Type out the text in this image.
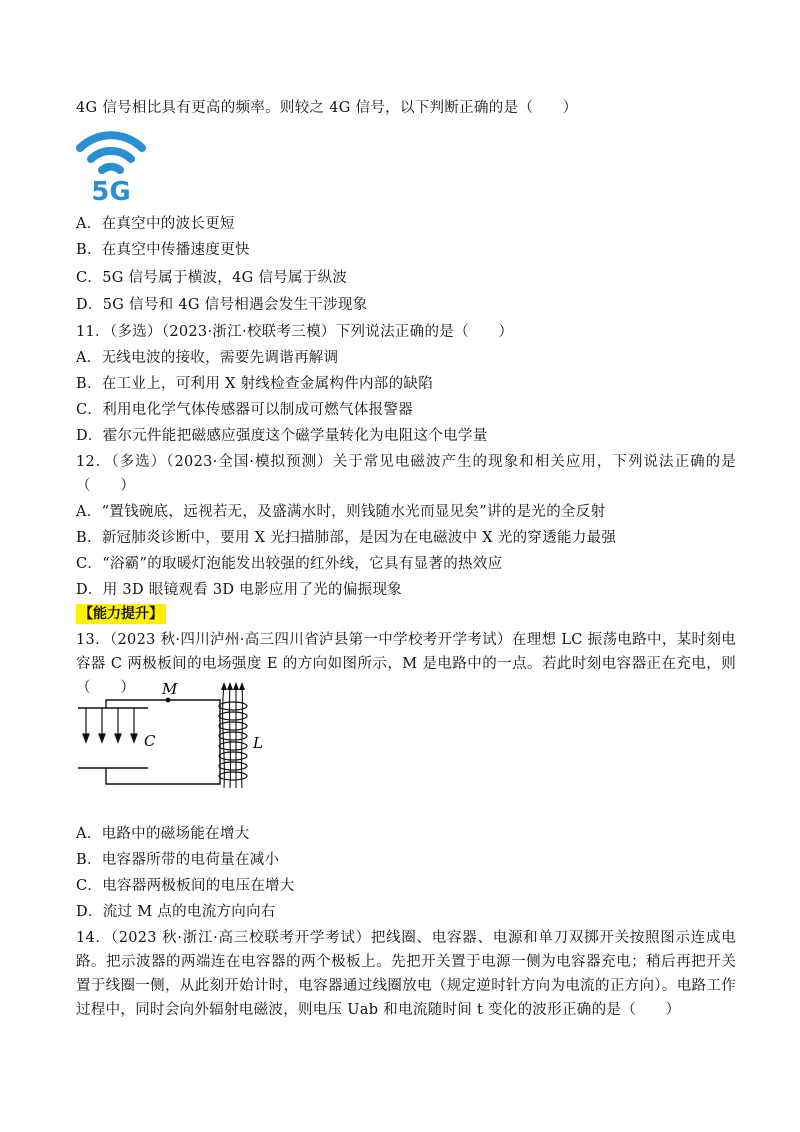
4G 信号相比具有更高的频率。则较之 4G 信号，以下判断正确的是（　　）
5G
A．在真空中的波长更短
B．在真空中传播速度更快
C．5G 信号属于横波，4G 信号属于纵波
D．5G 信号和 4G 信号相遇会发生干涉现象
11．（多选）（2023·浙江·校联考三模）下列说法正确的是（　　）
A．无线电波的接收，需要先调谐再解调
B．在工业上，可利用 X 射线检查金属构件内部的缺陷
C．利用电化学气体传感器可以制成可燃气体报警器
D．霍尔元件能把磁感应强度这个磁学量转化为电阻这个电学量
12．（多选）（2023·全国·模拟预测）关于常见电磁波产生的现象和相关应用，下列说法正确的是（　　）
A．“置钱碗底，远视若无，及盛满水时，则钱随水光而显见矣”讲的是光的全反射
B．新冠肺炎诊断中，要用 X 光扫描肺部，是因为在电磁波中 X 光的穿透能力最强
C．“浴霸”的取暖灯泡能发出较强的红外线，它具有显著的热效应
D．用 3D 眼镜观看 3D 电影应用了光的偏振现象
【能力提升】
13．（2023 秋·四川泸州·高三四川省泸县第一中学校考开学考试）在理想 LC 振荡电路中，某时刻电容器 C 两极板间的电场强度 E 的方向如图所示，M 是电路中的一点。若此时刻电容器正在充电，则（　　）	M
C	L
A．电路中的磁场能在增大
B．电容器所带的电荷量在减小
C．电容器两极板间的电压在增大
D．流过 M 点的电流方向向右
14．（2023 秋·浙江·高三校联考开学考试）把线圈、电容器、电源和单刀双掷开关按照图示连成电路。把示波器的两端连在电容器的两个极板上。先把开关置于电源一侧为电容器充电；稍后再把开关置于线圈一侧，从此刻开始计时，电容器通过线圈放电（规定逆时针方向为电流的正方向）。电路工作过程中，同时会向外辐射电磁波，则电压 Uab 和电流随时间 t 变化的波形正确的是（　　）
